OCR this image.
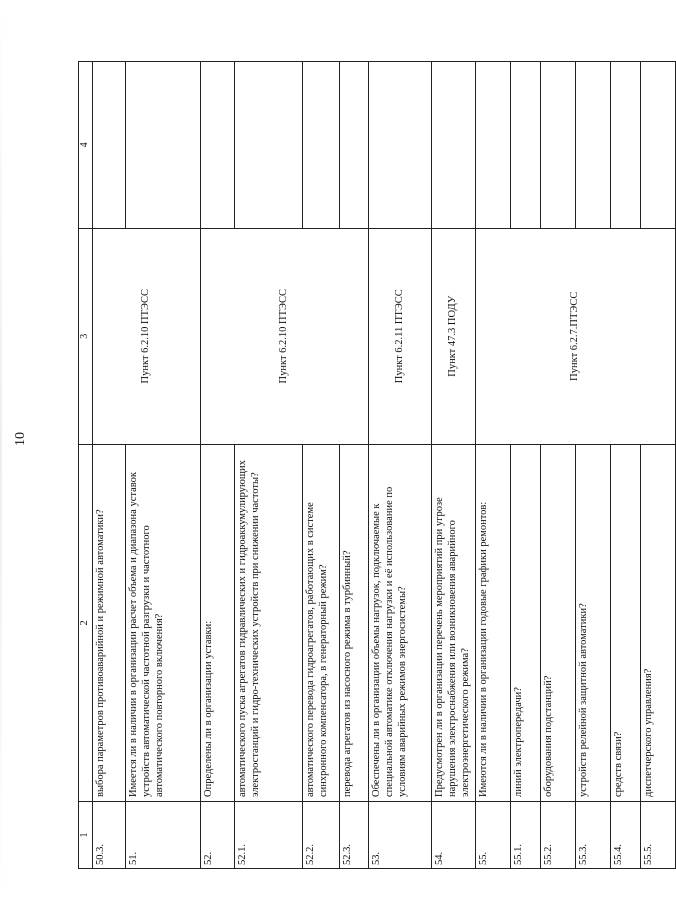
10
1	2	3	4
50.3.	выбора параметров противоаварийной и режимной автоматики?	Пункт 6.2.10 ПТЭСС	
51.	Имеется ли в наличии в организации расчет объема и диапазона уставок устройств автоматической частотной разгрузки и частотного автоматического повторного включения?		
52.	Определены ли в организации уставки:	Пункт 6.2.10 ПТЭСС	
52.1.	автоматического пуска агрегатов гидравлических и гидроаккумулирующих электростанций и гидро-технических устройств при снижении частоты?		
52.2.	автоматического перевода гидроагрегатов, работающих в системе синхронного компенсатора, в генераторный режим?		
52.3.	перевода агрегатов из насосного режима в турбинный?		
53.	Обеспечены ли в организации объемы нагрузок, подключаемые к специальной автоматике отключения нагрузки и её использование по условиям аварийных режимов энергосистемы?	Пункт 6.2.11 ПТЭСС	
54.	Предусмотрен ли в организации перечень мероприятий при угрозе нарушения электроснабжения или возникновения аварийного электроэнергетического режима?	Пункт 47.3 ПОДУ	
55.	Имеются ли в наличии в организации годовые графики ремонтов:	Пункт 6.2.7.ПТЭСС	
55.1.	линий электропередачи?		
55.2.	оборудования подстанций?		
55.3.	устройств релейной защитной автоматики?		
55.4.	средств связи?		
55.5.	диспетчерского управления?		
